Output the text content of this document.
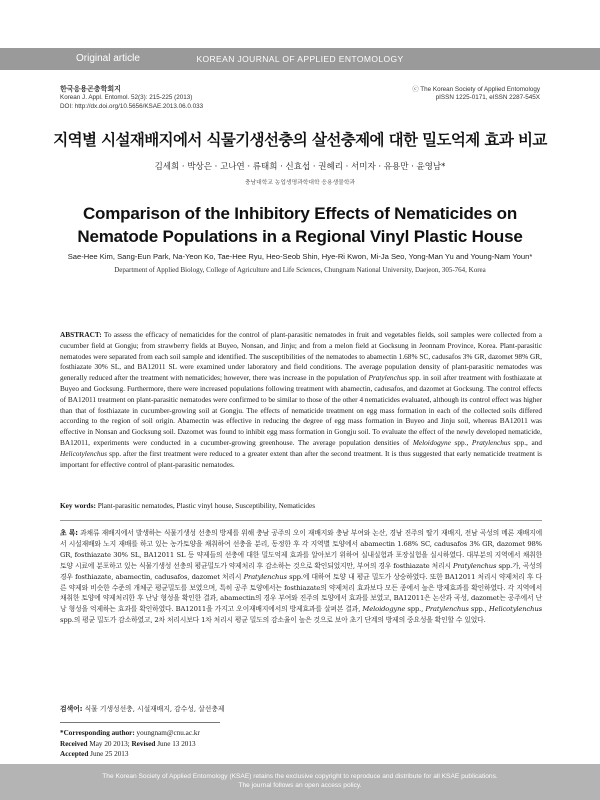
Original article	KOREAN JOURNAL OF APPLIED ENTOMOLOGY
한국응용곤충학회지
Korean J. Appl. Entomol. 52(3): 215-225 (2013)
DOI: http://dx.doi.org/10.5656/KSAE.2013.06.0.033
ⓒ The Korean Society of Applied Entomology
pISSN 1225-0171, eISSN 2287-545X
지역별 시설재배지에서 식물기생선충의 살선충제에 대한 밀도억제 효과 비교
김세희 · 박상은 · 고나연 · 류태희 · 신효섭 · 권혜리 · 서미자 · 유용만 · 윤영남*
충남대학교 농업생명과학대학 응용생물학과
Comparison of the Inhibitory Effects of Nematicides on Nematode Populations in a Regional Vinyl Plastic House
Sae-Hee Kim, Sang-Eun Park, Na-Yeon Ko, Tae-Hee Ryu, Heo-Seob Shin, Hye-Ri Kwon, Mi-Ja Seo, Yong-Man Yu and Young-Nam Youn*
Department of Applied Biology, College of Agriculture and Life Sciences, Chungnam National University, Daejeon, 305-764, Korea
ABSTRACT: To assess the efficacy of nematicides for the control of plant-parasitic nematodes in fruit and vegetables fields, soil samples were collected from a cucumber field at Gongju; from strawberry fields at Buyeo, Nonsan, and Jinju; and from a melon field at Gocksung in Jeonnam Province, Korea. Plant-parasitic nematodes were separated from each soil sample and identified. The susceptibilities of the nematodes to abamectin 1.68% SC, cadusafos 3% GR, dazomet 98% GR, fosthiazate 30% SL, and BA12011 SL were examined under laboratory and field conditions. The average population density of plant-parasitic nematodes was generally reduced after the treatment with nematicides; however, there was increase in the population of Pratylenchus spp. in soil after treatment with fosthiazate at Buyeo and Gocksung. Furthermore, there were increased populations following treatment with abamectin, cadusafos, and dazomet at Gocksung. The control effects of BA12011 treatment on plant-parasitic nematodes were confirmed to be similar to those of the other 4 nematicides evaluated, although its control effect was higher than that of fosthiazate in cucumber-growing soil at Gongju. The effects of nematicide treatment on egg mass formation in each of the collected soils differed according to the region of soil origin. Abamectin was effective in reducing the degree of egg mass formation in Buyeo and Jinju soil, whereas BA12011 was effective in Nonsan and Gocksung soil. Dazomet was found to inhibit egg mass formation in Gongju soil. To evaluate the effect of the newly developed nematicide, BA12011, experiments were conducted in a cucumber-growing greenhouse. The average population densities of Meloidogyne spp., Pratylenchus spp., and Helicotylenchus spp. after the first treatment were reduced to a greater extent than after the second treatment. It is thus suggested that early nematicide treatment is important for effective control of plant-parasitic nematodes.
Key words: Plant-parasitic nematodes, Plastic vinyl house, Susceptibility, Nematicides
초 록: 과채류 재배지에서 발생하는 식물기생성 선충의 방제를 위해 충남 공주의 오이 재배지와 충남 부여와 논산, 경남 진주의 딸기 재배지, 전남 곡성의 메론 재배지에서 시설재배와 노지 재배를 하고 있는 농가토양을 채취하여 선충을 분리, 동정한 후 각 지역별 토양에서 abamectin 1.68% SC, cadusafos 3% GR, dazomet 98% GR, fosthiazate 30% SL, BA12011 SL 등 약제들의 선충에 대한 밀도억제 효과를 알아보기 위하여 실내실험과 포장실험을 실시하였다. 대부분의 지역에서 채취한 토양 시료에 분포하고 있는 식물기생성 선충의 평균밀도가 약제처리 후 감소하는 것으로 확인되었지만, 부여의 경우 fosthiazate 처리시 Pratylenchus spp.가, 곡성의 경우 fosthiazate, abamectin, cadusafos, dazomet 처리시 Pratylenchus spp.에 대하여 토양 내 평균 밀도가 상승하였다. 또한 BA12011 처리시 약제처리 후 다른 약제와 비슷한 수준의 개체군 평균밀도를 보였으며, 특히 공주 토양에서는 fosthiazate의 약제처리 효과보다 모든 종에서 높은 방제효과를 확인하였다. 각 지역에서 채취한 토양에 약제처리한 후 난낭 형성을 확인한 결과, abamectin의 경우 부여와 진주의 토양에서 효과를 보였고, BA12011은 논산과 곡성, dazomet는 공주에서 난낭 형성을 억제하는 효과를 확인하였다. BA12011을 가지고 오이재배지에서의 방제효과를 살펴본 결과, Meloidogyne spp., Pratylenchus spp., Helicotylenchus spp.의 평균 밀도가 감소하였고, 2차 처리시보다 1차 처리시 평균 밀도의 감소율이 높은 것으로 보아 초기 단계의 방제의 중요성을 확인할 수 있었다.
검색어: 식물 기생성선충, 시설재배지, 감수성, 살선충제
*Corresponding author: youngnam@cnu.ac.kr
Received May 20 2013; Revised June 13 2013
Accepted June 25 2013
The Korean Society of Applied Entomology (KSAE) retains the exclusive copyright to reproduce and distribute for all KSAE publications.
The journal follows an open access policy.
